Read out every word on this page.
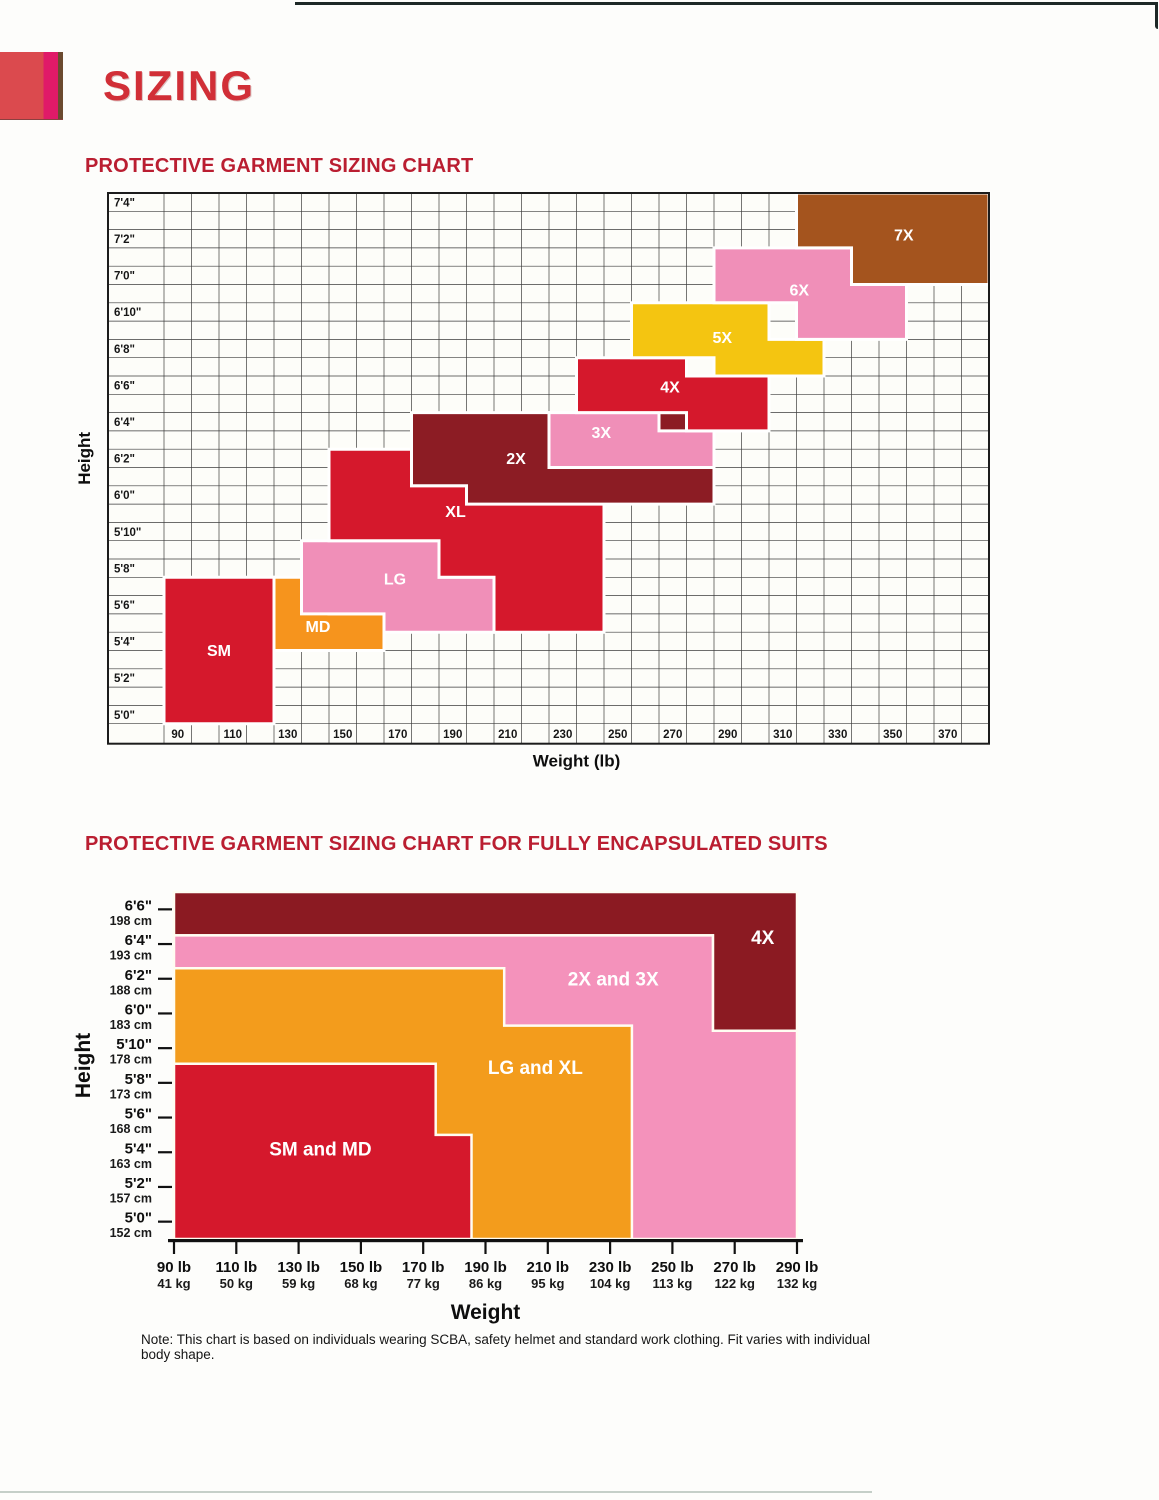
SIZING
PROTECTIVE GARMENT SIZING CHART
SM
MD
LG
XL
2X
3X
4X
5X
6X
7X
5'0"
5'2"
5'4"
5'6"
5'8"
5'10"
6'0"
6'2"
6'4"
6'6"
6'8"
6'10"
7'0"
7'2"
7'4"
90	110	130	150	170	190	210	230	250	270	290	310	330	350	370
Weight (lb)
Height
PROTECTIVE GARMENT SIZING CHART FOR FULLY ENCAPSULATED SUITS
4X
2X and 3X
LG and XL
SM and MD
6'6"
198 cm
6'4"
193 cm
6'2"
188 cm
6'0"
183 cm
5'10"
178 cm
5'8"
173 cm
5'6"
168 cm
5'4"
163 cm
5'2"
157 cm
5'0"
152 cm
90 lb
41 kg
110 lb
50 kg
130 lb
59 kg
150 lb
68 kg
170 lb
77 kg
190 lb
86 kg
210 lb
95 kg
230 lb
104 kg
250 lb
113 kg
270 lb
122 kg
290 lb
132 kg
Weight
Height
Note: This chart is based on individuals wearing SCBA, safety helmet and standard work clothing. Fit varies with individual body shape.
